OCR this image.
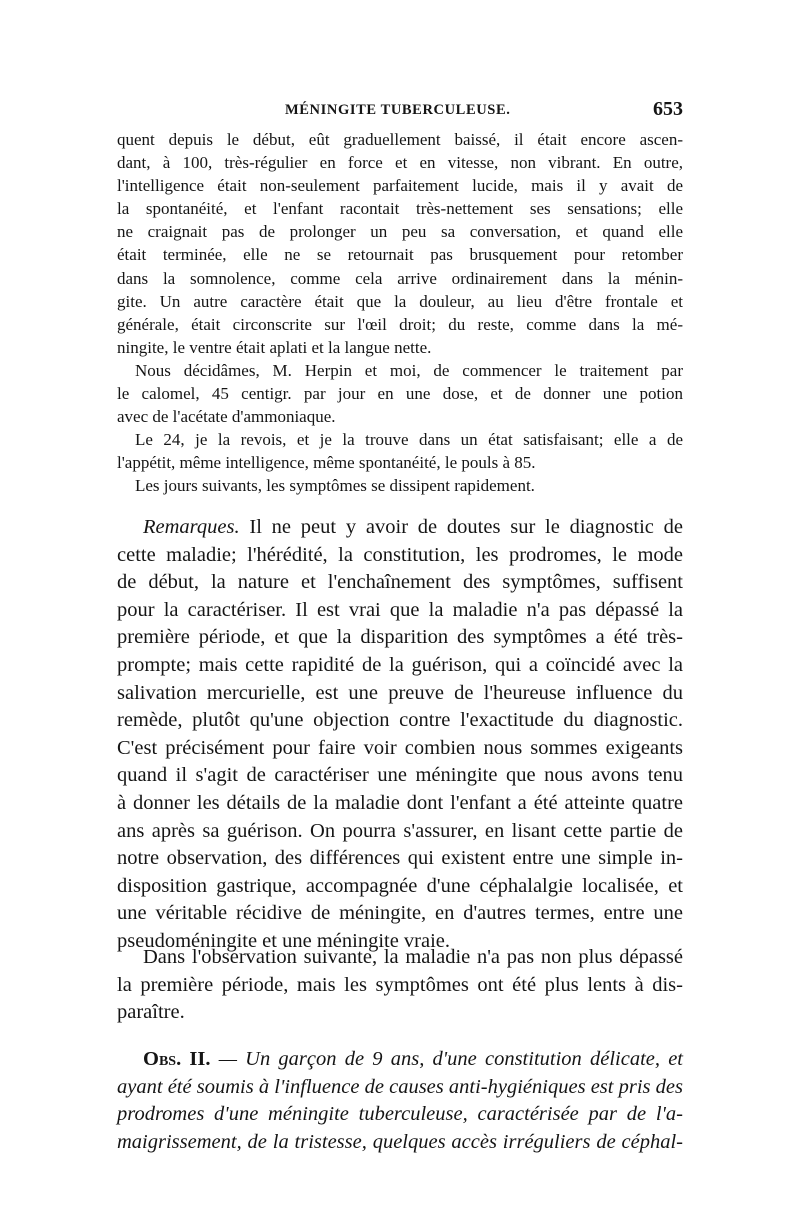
MÉNINGITE TUBERCULEUSE.	653
quent depuis le début, eût graduellement baissé, il était encore ascen-
dant, à 100, très-régulier en force et en vitesse, non vibrant. En outre,
l'intelligence était non-seulement parfaitement lucide, mais il y avait de
la spontanéité, et l'enfant racontait très-nettement ses sensations; elle
ne craignait pas de prolonger un peu sa conversation, et quand elle
était terminée, elle ne se retournait pas brusquement pour retomber
dans la somnolence, comme cela arrive ordinairement dans la ménin-
gite. Un autre caractère était que la douleur, au lieu d'être frontale et
générale, était circonscrite sur l'œil droit; du reste, comme dans la mé-
ningite, le ventre était aplati et la langue nette.
Nous décidâmes, M. Herpin et moi, de commencer le traitement par
le calomel, 45 centigr. par jour en une dose, et de donner une potion
avec de l'acétate d'ammoniaque.
Le 24, je la revois, et je la trouve dans un état satisfaisant; elle a de
l'appétit, même intelligence, même spontanéité, le pouls à 85.
Les jours suivants, les symptômes se dissipent rapidement.
Remarques. Il ne peut y avoir de doutes sur le diagnostic de
cette maladie; l'hérédité, la constitution, les prodromes, le mode
de début, la nature et l'enchaînement des symptômes, suffisent
pour la caractériser. Il est vrai que la maladie n'a pas dépassé la
première période, et que la disparition des symptômes a été très-
prompte; mais cette rapidité de la guérison, qui a coïncidé avec la
salivation mercurielle, est une preuve de l'heureuse influence du
remède, plutôt qu'une objection contre l'exactitude du diagnostic.
C'est précisément pour faire voir combien nous sommes exigeants
quand il s'agit de caractériser une méningite que nous avons tenu
à donner les détails de la maladie dont l'enfant a été atteinte quatre
ans après sa guérison. On pourra s'assurer, en lisant cette partie de
notre observation, des différences qui existent entre une simple in-
disposition gastrique, accompagnée d'une céphalalgie localisée, et
une véritable récidive de méningite, en d'autres termes, entre une
pseudoméningite et une méningite vraie.
Dans l'observation suivante, la maladie n'a pas non plus dépassé
la première période, mais les symptômes ont été plus lents à dis-
paraître.
Obs. II. — Un garçon de 9 ans, d'une constitution délicate, et
ayant été soumis à l'influence de causes anti-hygiéniques est pris des
prodromes d'une méningite tuberculeuse, caractérisée par de l'a-
maigrissement, de la tristesse, quelques accès irréguliers de céphal-
